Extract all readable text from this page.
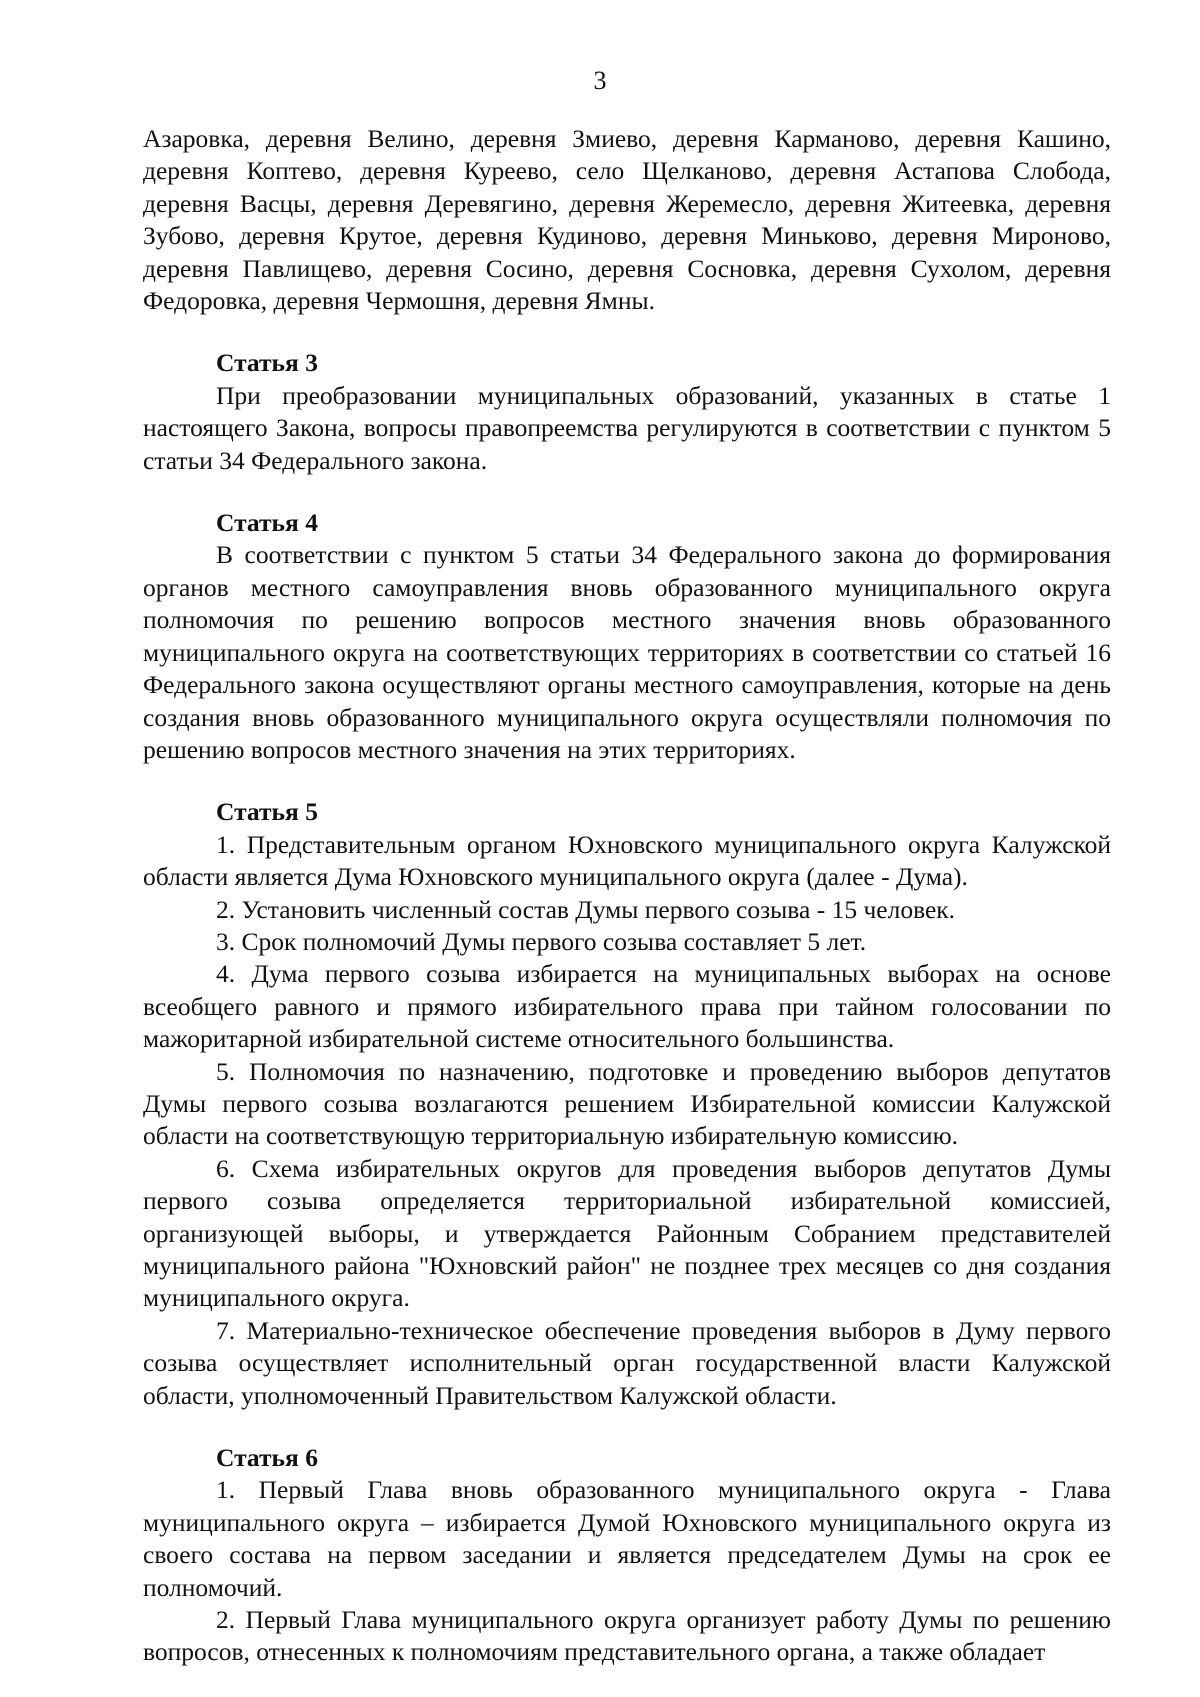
3

Азаровка, деревня Велино, деревня Змиево, деревня Карманово, деревня Кашино, деревня Коптево, деревня Куреево, село Щелканово, деревня Астапова Слобода, деревня Васцы, деревня Деревягино, деревня Жеремесло, деревня Житеевка, деревня Зубово, деревня Крутое, деревня Кудиново, деревня Миньково, деревня Мироново, деревня Павлищево, деревня Сосино, деревня Сосновка, деревня Сухолом, деревня Федоровка, деревня Чермошня, деревня Ямны.

Статья 3

При преобразовании муниципальных образований, указанных в статье 1 настоящего Закона, вопросы правопреемства регулируются в соответствии с пунктом 5 статьи 34 Федерального закона.

Статья 4

В соответствии с пунктом 5 статьи 34 Федерального закона до формирования органов местного самоуправления вновь образованного муниципального округа полномочия по решению вопросов местного значения вновь образованного муниципального округа на соответствующих территориях в соответствии со статьей 16 Федерального закона осуществляют органы местного самоуправления, которые на день создания вновь образованного муниципального округа осуществляли полномочия по решению вопросов местного значения на этих территориях.

Статья 5

1. Представительным органом Юхновского муниципального округа Калужской области является Дума Юхновского муниципального округа (далее - Дума).

2. Установить численный состав Думы первого созыва - 15 человек.

3. Срок полномочий Думы первого созыва составляет 5 лет.

4. Дума первого созыва избирается на муниципальных выборах на основе всеобщего равного и прямого избирательного права при тайном голосовании по мажоритарной избирательной системе относительного большинства.

5. Полномочия по назначению, подготовке и проведению выборов депутатов Думы первого созыва возлагаются решением Избирательной комиссии Калужской области на соответствующую территориальную избирательную комиссию.

6. Схема избирательных округов для проведения выборов депутатов Думы первого созыва определяется территориальной избирательной комиссией, организующей выборы, и утверждается Районным Собранием представителей муниципального района "Юхновский район" не позднее трех месяцев со дня создания муниципального округа.

7. Материально-техническое обеспечение проведения выборов в Думу первого созыва осуществляет исполнительный орган государственной власти Калужской области, уполномоченный Правительством Калужской области.

Статья 6

1. Первый Глава вновь образованного муниципального округа - Глава муниципального округа – избирается Думой Юхновского муниципального округа из своего состава на первом заседании и является председателем Думы на срок ее полномочий.

2. Первый Глава муниципального округа организует работу Думы по решению вопросов, отнесенных к полномочиям представительного органа, а также обладает
